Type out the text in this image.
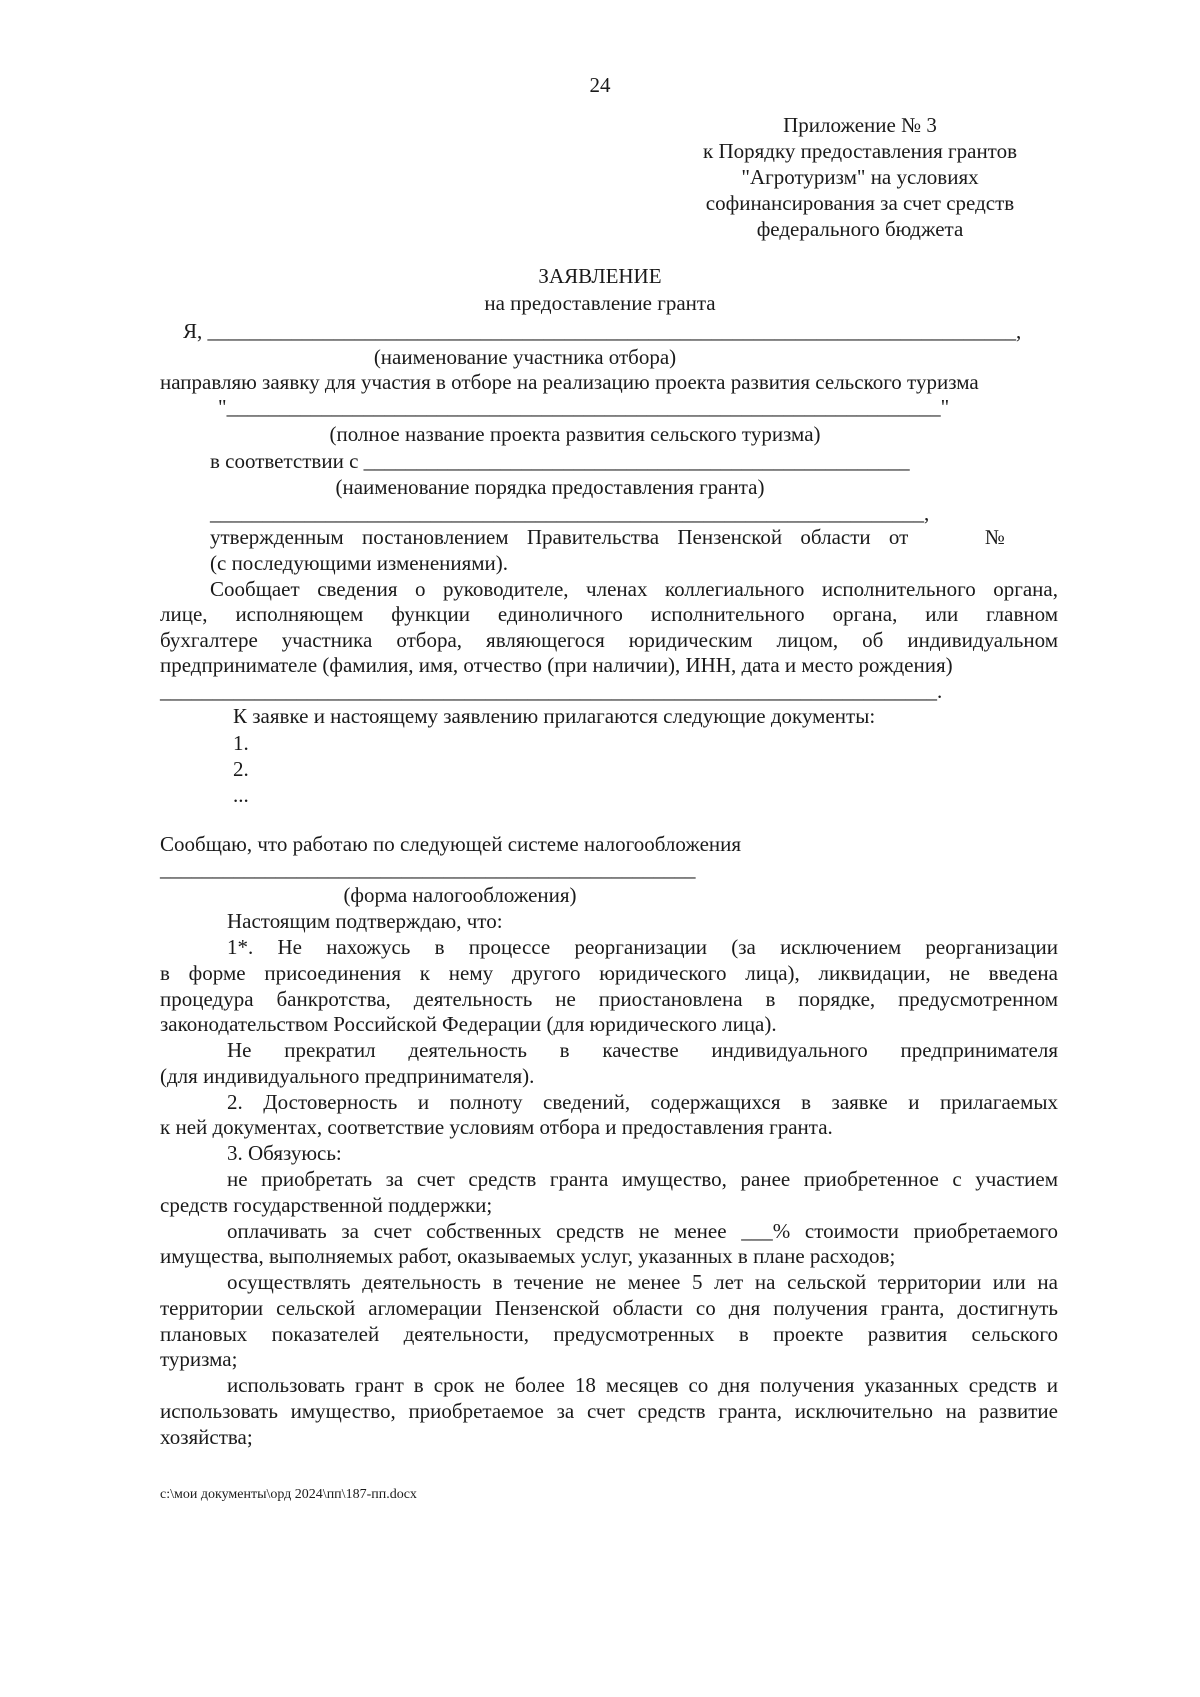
24
Приложение № 3
к Порядку предоставления грантов
"Агротуризм" на условиях
софинансирования за счет средств
федерального бюджета
ЗАЯВЛЕНИЕ
на предоставление гранта
Я, _____________________________________________________________________________,
(наименование участника отбора)
направляю заявку для участия в отборе на реализацию проекта развития сельского туризма
"____________________________________________________________________"
(полное название проекта развития сельского туризма)
в соответствии с ____________________________________________________
(наименование порядка предоставления гранта)
____________________________________________________________________,
утвержденным постановлением Правительства Пензенской области от	№
(с последующими изменениями).
Сообщает сведения о руководителе, членах коллегиального исполнительного органа,
лице, исполняющем функции единоличного исполнительного органа, или главном
бухгалтере участника отбора, являющегося юридическим лицом, об индивидуальном
предпринимателе (фамилия, имя, отчество (при наличии), ИНН, дата и место рождения)
__________________________________________________________________________.
К заявке и настоящему заявлению прилагаются следующие документы:
1.
2.
...
Сообщаю, что работаю по следующей системе налогообложения
___________________________________________________
(форма налогообложения)
Настоящим подтверждаю, что:
1*. Не нахожусь в процессе реорганизации (за исключением реорганизации
в форме присоединения к нему другого юридического лица), ликвидации, не введена
процедура банкротства, деятельность не приостановлена в порядке, предусмотренном
законодательством Российской Федерации (для юридического лица).
Не прекратил деятельность в качестве индивидуального предпринимателя
(для индивидуального предпринимателя).
2. Достоверность и полноту сведений, содержащихся в заявке и прилагаемых
к ней документах, соответствие условиям отбора и предоставления гранта.
3. Обязуюсь:
не приобретать за счет средств гранта имущество, ранее приобретенное с участием
средств государственной поддержки;
оплачивать за счет собственных средств не менее ___% стоимости приобретаемого
имущества, выполняемых работ, оказываемых услуг, указанных в плане расходов;
осуществлять деятельность в течение не менее 5 лет на сельской территории или на
территории сельской агломерации Пензенской области со дня получения гранта, достигнуть
плановых показателей деятельности, предусмотренных в проекте развития сельского
туризма;
использовать грант в срок не более 18 месяцев со дня получения указанных средств и
использовать имущество, приобретаемое за счет средств гранта, исключительно на развитие
хозяйства;
c:\мои документы\орд 2024\пп\187-пп.docx
